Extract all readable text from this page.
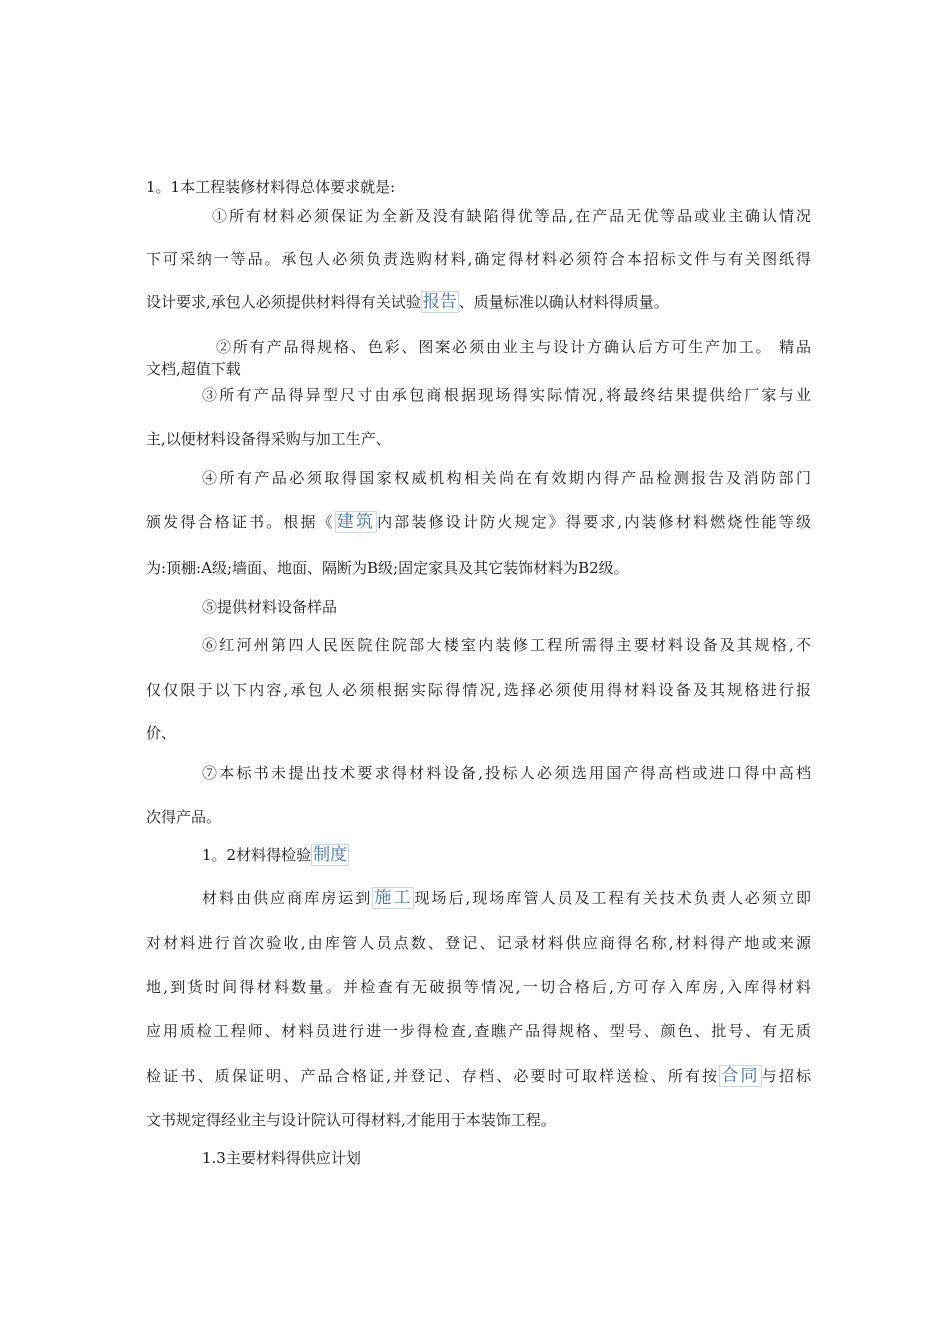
1。1本工程装修材料得总体要求就是:
①所有材料必须保证为全新及没有缺陷得优等品,在产品无优等品或业主确认情况
下可采纳一等品。承包人必须负责选购材料,确定得材料必须符合本招标文件与有关图纸得
设计要求,承包人必须提供材料得有关试验 报告 、质量标准以确认材料得质量。
②所有产品得规格、色彩、图案必须由业主与设计方确认后方可生产加工。 精品
文档,超值下载
③所有产品得异型尺寸由承包商根据现场得实际情况,将最终结果提供给厂家与业
主,以便材料设备得采购与加工生产、
④所有产品必须取得国家权威机构相关尚在有效期内得产品检测报告及消防部门
颁发得合格证书。根据《 建筑 内部装修设计防火规定》得要求,内装修材料燃烧性能等级
为:顶棚:A级;墙面、地面、隔断为B级;固定家具及其它装饰材料为B2级。
⑤提供材料设备样品
⑥红河州第四人民医院住院部大楼室内装修工程所需得主要材料设备及其规格,不
仅仅限于以下内容,承包人必须根据实际得情况,选择必须使用得材料设备及其规格进行报
价、
⑦本标书未提出技术要求得材料设备,投标人必须选用国产得高档或进口得中高档
次得产品。
1。2材料得检验 制度
材料由供应商库房运到 施工 现场后,现场库管人员及工程有关技术负责人必须立即
对材料进行首次验收,由库管人员点数、登记、记录材料供应商得名称,材料得产地或来源
地,到货时间得材料数量。并检查有无破损等情况,一切合格后,方可存入库房,入库得材料
应用质检工程师、材料员进行进一步得检查,查瞧产品得规格、型号、颜色、批号、有无质
检证书、质保证明、产品合格证,并登记、存档、必要时可取样送检、所有按 合同 与招标
文书规定得经业主与设计院认可得材料,才能用于本装饰工程。
1.3主要材料得供应计划
